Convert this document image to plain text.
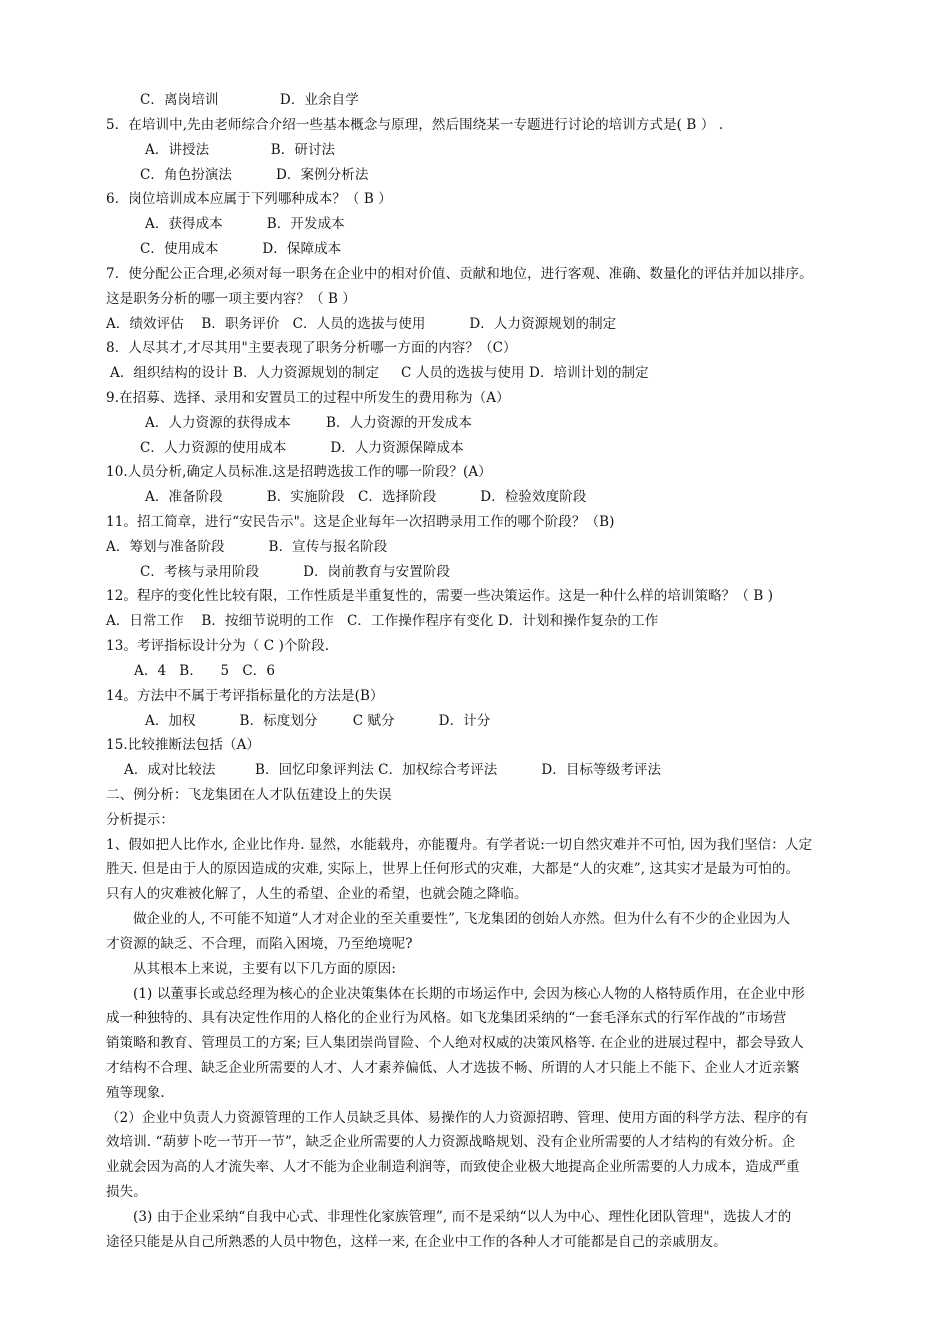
C．离岗培训              D．业余自学
5．在培训中,先由老师综合介绍一些基本概念与原理，然后围绕某一专题进行讨论的培训方式是( B ） .
A．讲授法              B．研讨法
C．角色扮演法          D．案例分析法
6．岗位培训成本应属于下列哪种成本？（ B ）
A．获得成本          B．开发成本
C．使用成本          D．保障成本
7．使分配公正合理,必须对每一职务在企业中的相对价值、贡献和地位，进行客观、准确、数量化的评估并加以排序。
这是职务分析的哪一项主要内容？（ B ）
A．绩效评估    B．职务评价   C．人员的选拔与使用          D．人力资源规划的制定
8．人尽其才,才尽其用"主要表现了职务分析哪一方面的内容？（C）
A．组织结构的设计 B．人力资源规划的制定     C 人员的选拔与使用 D．培训计划的制定
9.在招募、选择、录用和安置员工的过程中所发生的费用称为（A）
A．人力资源的获得成本        B．人力资源的开发成本
C．人力资源的使用成本          D．人力资源保障成本
10.人员分析,确定人员标准.这是招聘选拔工作的哪一阶段？(A）
A．准备阶段          B．实施阶段   C．选择阶段          D．检验效度阶段
11。招工简章，进行“安民告示"。这是企业每年一次招聘录用工作的哪个阶段？（B)
A．筹划与准备阶段          B．宣传与报名阶段
C．考核与录用阶段          D．岗前教育与安置阶段
12。程序的变化性比较有限，工作性质是半重复性的，需要一些决策运作。这是一种什么样的培训策略？（ B )
A．日常工作    B．按细节说明的工作   C．工作操作程序有变化 D．计划和操作复杂的工作
13。考评指标设计分为（ C )个阶段.
A．4   B．    5   C．6
14。方法中不属于考评指标量化的方法是(B）
A．加权          B．标度划分        C 赋分          D．计分
15.比较推断法包括（A）
A．成对比较法         B．回忆印象评判法 C．加权综合考评法          D．目标等级考评法
二、例分析：飞龙集团在人才队伍建设上的失误
分析提示：
1、假如把人比作水, 企业比作舟. 显然，水能载舟，亦能覆舟。有学者说:一切自然灾难并不可怕, 因为我们坚信：人定
胜天. 但是由于人的原因造成的灾难, 实际上，世界上任何形式的灾难，大都是“人的灾难”, 这其实才是最为可怕的。
只有人的灾难被化解了，人生的希望、企业的希望，也就会随之降临。
做企业的人, 不可能不知道“人才对企业的至关重要性”, 飞龙集团的创始人亦然。但为什么有不少的企业因为人
才资源的缺乏、不合理，而陷入困境，乃至绝境呢?
从其根本上来说，主要有以下几方面的原因:
(1) 以董事长或总经理为核心的企业决策集体在长期的市场运作中, 会因为核心人物的人格特质作用，在企业中形
成一种独特的、具有决定性作用的人格化的企业行为风格。如飞龙集团采纳的“一套毛泽东式的行军作战的”市场营
销策略和教育、管理员工的方案; 巨人集团崇尚冒险、个人绝对权威的决策风格等. 在企业的进展过程中，都会导致人
才结构不合理、缺乏企业所需要的人才、人才素养偏低、人才选拔不畅、所谓的人才只能上不能下、企业人才近亲繁
殖等现象.
（2）企业中负责人力资源管理的工作人员缺乏具体、易操作的人力资源招聘、管理、使用方面的科学方法、程序的有
效培训. “葫萝卜吃一节开一节”，缺乏企业所需要的人力资源战略规划、没有企业所需要的人才结构的有效分析。企
业就会因为高的人才流失率、人才不能为企业制造利润等，而致使企业极大地提高企业所需要的人力成本，造成严重
损失。
(3) 由于企业采纳“自我中心式、非理性化家族管理”, 而不是采纳“以人为中心、理性化团队管理"，选拔人才的
途径只能是从自己所熟悉的人员中物色，这样一来, 在企业中工作的各种人才可能都是自己的亲戚朋友。
